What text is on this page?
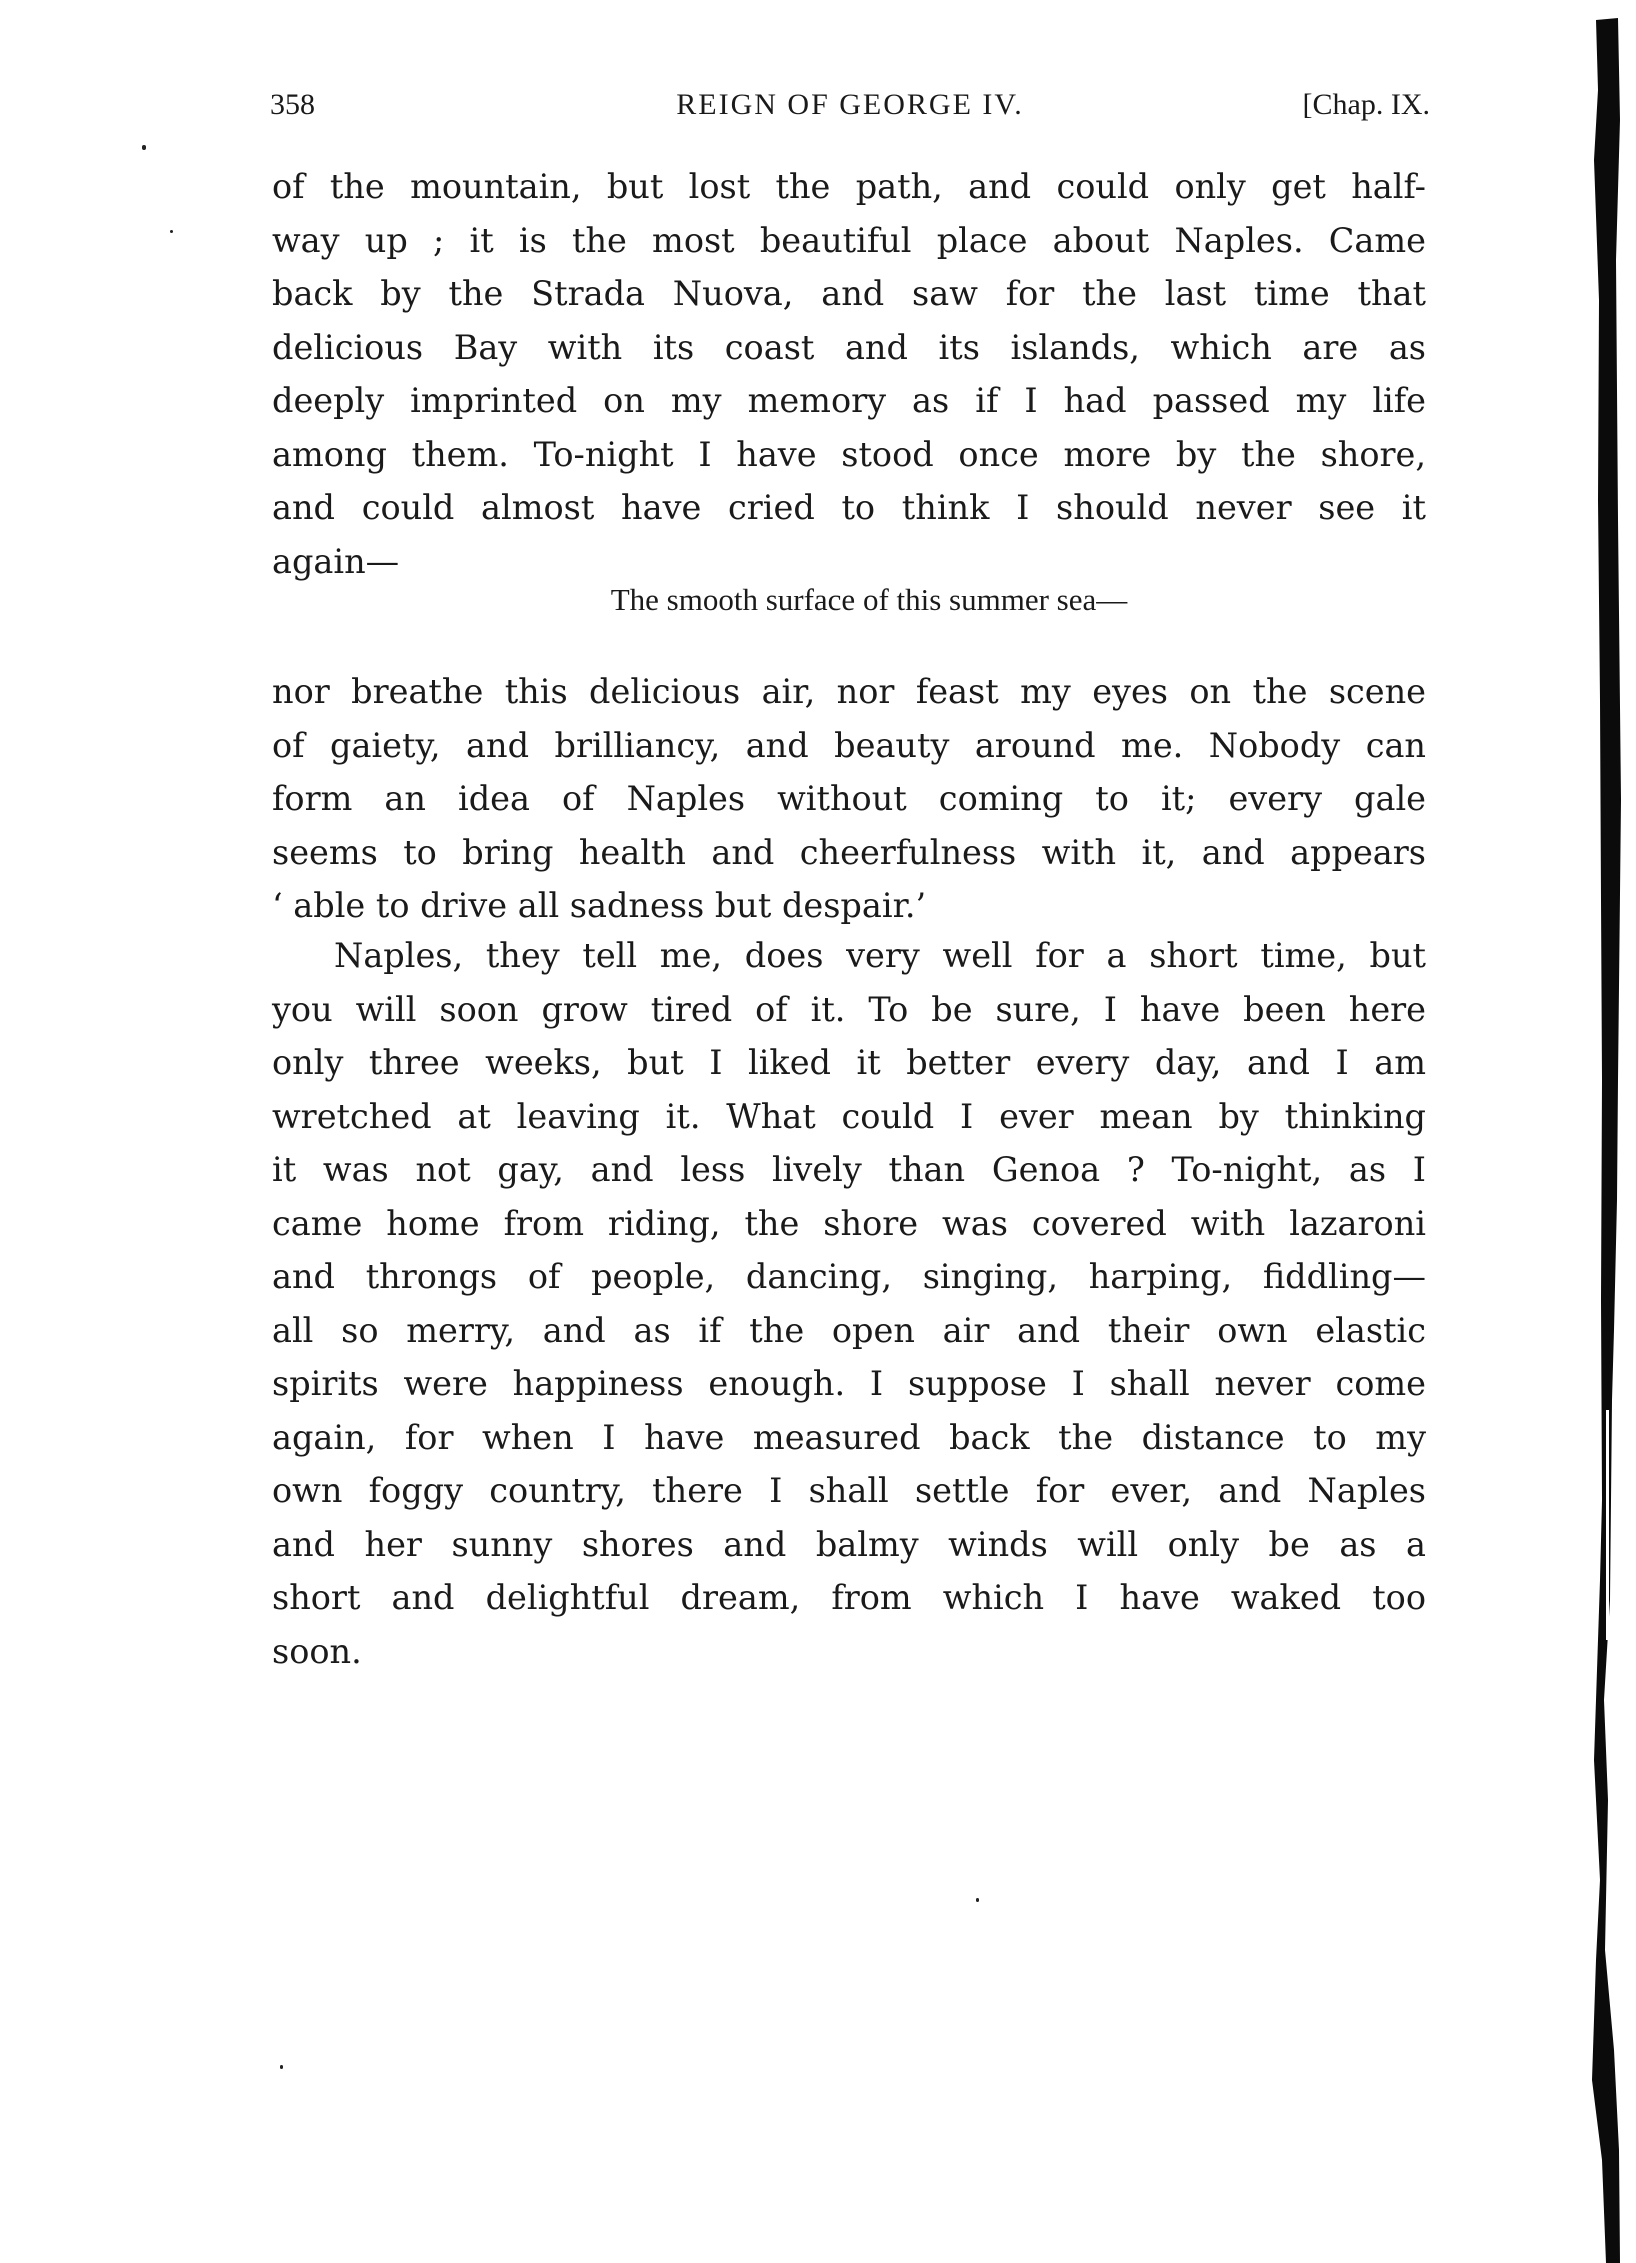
358	REIGN OF GEORGE IV.	[Chap. IX.
of the mountain, but lost the path, and could only get half-
way up ; it is the most beautiful place about Naples. Came
back by the Strada Nuova, and saw for the last time that
delicious Bay with its coast and its islands, which are as
deeply imprinted on my memory as if I had passed my life
among them. To-night I have stood once more by the shore,
and could almost have cried to think I should never see it
again—
The smooth surface of this summer sea—
nor breathe this delicious air, nor feast my eyes on the scene
of gaiety, and brilliancy, and beauty around me. Nobody can
form an idea of Naples without coming to it; every gale
seems to bring health and cheerfulness with it, and appears
‘ able to drive all sadness but despair.’
Naples, they tell me, does very well for a short time, but
you will soon grow tired of it. To be sure, I have been here
only three weeks, but I liked it better every day, and I am
wretched at leaving it. What could I ever mean by thinking
it was not gay, and less lively than Genoa ? To-night, as I
came home from riding, the shore was covered with lazaroni
and throngs of people, dancing, singing, harping, fiddling—
all so merry, and as if the open air and their own elastic
spirits were happiness enough. I suppose I shall never come
again, for when I have measured back the distance to my
own foggy country, there I shall settle for ever, and Naples
and her sunny shores and balmy winds will only be as a
short and delightful dream, from which I have waked too
soon.
